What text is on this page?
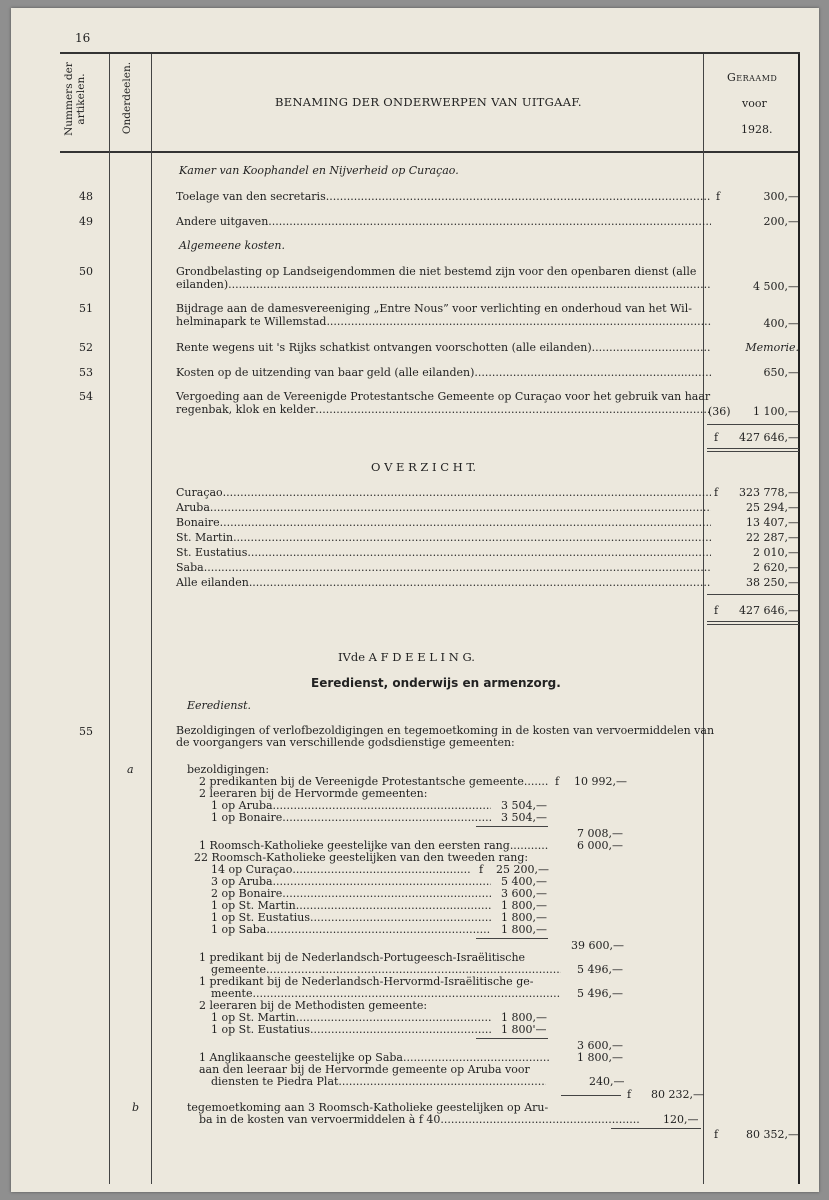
16
Nummers der artikelen.	Onderdeelen.	BENAMING DER ONDERWERPEN VAN UITGAAF.
Geraamd
voor
1928.
Kamer van Koophandel en Nijverheid op Curaçao.
48	Toelage van den secretaris .....	f	300,—
49	Andere uitgaven .....	200,—
Algemeene kosten.
50	Grondbelasting op Landseigendommen die niet bestemd zijn voor den openbaren dienst (alle
eilanden) .....	4 500,—
51	Bijdrage aan de damesvereeniging „Entre Nous” voor verlichting en onderhoud van het Wil-
helminapark te Willemstad .....	400,—
52	Rente wegens uit 's Rijks schatkist ontvangen voorschotten (alle eilanden) .....	Memorie.
53	Kosten op de uitzending van baar geld (alle eilanden) .....	650,—
54	Vergoeding aan de Vereenigde Protestantsche Gemeente op Curaçao voor het gebruik van haar
regenbak, klok en kelder .....	(36) 1 100,—
f 427 646,—
O V E R Z I C H T.
Curaçao .....	f 323 778,—
Aruba .....	25 294,—
Bonaire .....	13 407,—
St. Martin .....	22 287,—
St. Eustatius .....	2 010,—
Saba .....	2 620,—
Alle eilanden .....	38 250,—
f 427 646,—
IVde A F D E E L I N G.
Eeredienst, onderwijs en armenzorg.
Eeredienst.
55	Bezoldigingen of verlofbezoldigingen en tegemoetkoming in de kosten van vervoermiddelen van
de voorgangers van verschillende godsdienstige gemeenten:
a	bezoldigingen:
2 predikanten bij de Vereenigde Protestantsche gemeente .....	f 10 992,—
2 leeraren bij de Hervormde gemeenten:
1 op Aruba .....	3 504,—
1 op Bonaire .....	3 504,—
7 008,—
1 Roomsch-Katholieke geestelijke van den eersten rang .....	6 000,—
22 Roomsch-Katholieke geestelijken van den tweeden rang:
14 op Curaçao .....	f 25 200,—
3 op Aruba .....	5 400,—
2 op Bonaire .....	3 600,—
1 op St. Martin .....	1 800,—
1 op St. Eustatius .....	1 800,—
1 op Saba .....	1 800,—
39 600,—
1 predikant bij de Nederlandsch-Portugeesch-Israëlitische
gemeente .....	5 496,—
1 predikant bij de Nederlandsch-Hervormd-Israëlitische ge-
meente .....	5 496,—
2 leeraren bij de Methodisten gemeente:
1 op St. Martin .....	1 800,—
1 op St. Eustatius .....	1 800'—
3 600,—
1 Anglikaansche geestelijke op Saba .....	1 800,—
aan den leeraar bij de Hervormde gemeente op Aruba voor
diensten te Piedra Plat .....	240,—
f 80 232,—
b	tegemoetkoming aan 3 Roomsch-Katholieke geestelijken op Aru-
ba in de kosten van vervoermiddelen à f 40 .....	120,—
f	80 352,—
